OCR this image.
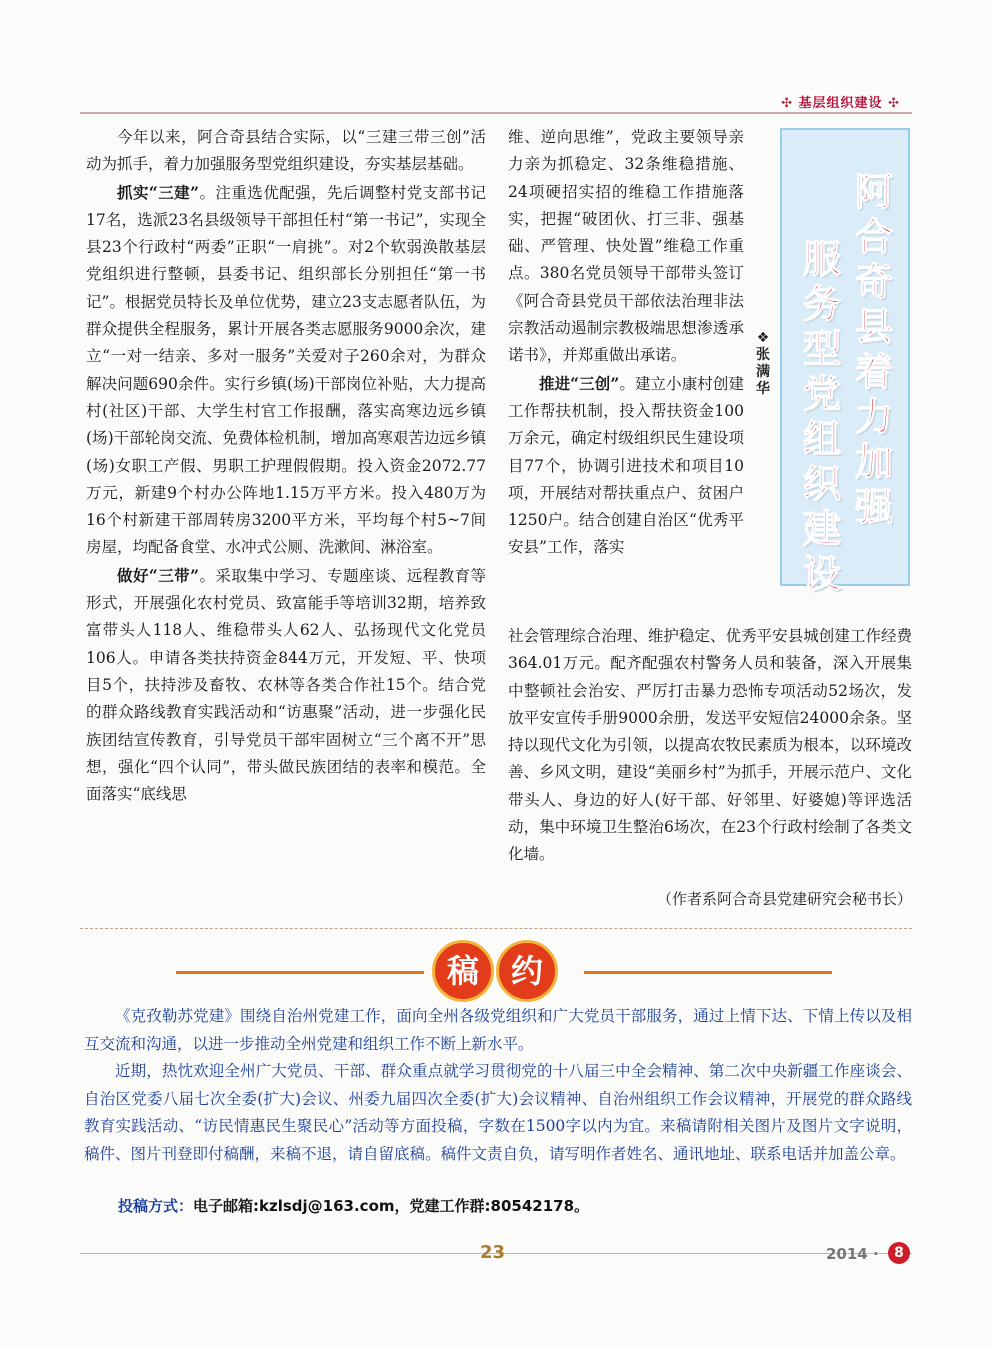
✣ 基层组织建设 ✣

今年以来，阿合奇县结合实际，以“三建三带三创”活动为抓手，着力加强服务型党组织建设，夯实基层基础。

抓实“三建”。注重选优配强，先后调整村党支部书记17名，选派23名县级领导干部担任村“第一书记”，实现全县23个行政村“两委”正职“一肩挑”。对2个软弱涣散基层党组织进行整顿，县委书记、组织部长分别担任“第一书记”。根据党员特长及单位优势，建立23支志愿者队伍，为群众提供全程服务，累计开展各类志愿服务9000余次，建立“一对一结亲、多对一服务”关爱对子260余对，为群众解决问题690余件。实行乡镇(场)干部岗位补贴，大力提高村(社区)干部、大学生村官工作报酬，落实高寒边远乡镇(场)干部轮岗交流、免费体检机制，增加高寒艰苦边远乡镇(场)女职工产假、男职工护理假假期。投入资金2072.77万元，新建9个村办公阵地1.15万平方米。投入480万为16个村新建干部周转房3200平方米，平均每个村5~7间房屋，均配备食堂、水冲式公厕、洗漱间、淋浴室。

做好“三带”。采取集中学习、专题座谈、远程教育等形式，开展强化农村党员、致富能手等培训32期，培养致富带头人118人、维稳带头人62人、弘扬现代文化党员106人。申请各类扶持资金844万元，开发短、平、快项目5个，扶持涉及畜牧、农林等各类合作社15个。结合党的群众路线教育实践活动和“访惠聚”活动，进一步强化民族团结宣传教育，引导党员干部牢固树立“三个离不开”思想，强化“四个认同”，带头做民族团结的表率和模范。全面落实“底线思

维、逆向思维”，党政主要领导亲力亲为抓稳定、32条维稳措施、24项硬招实招的维稳工作措施落实，把握“破团伙、打三非、强基础、严管理、快处置”维稳工作重点。380名党员领导干部带头签订《阿合奇县党员干部依法治理非法宗教活动遏制宗教极端思想渗透承诺书》，并郑重做出承诺。

推进“三创”。建立小康村创建工作帮扶机制，投入帮扶资金100万余元，确定村级组织民生建设项目77个，协调引进技术和项目10项，开展结对帮扶重点户、贫困户1250户。结合创建自治区“优秀平安县”工作，落实

❖
张满华
阿合奇县着力加强
服务型党组织建设

社会管理综合治理、维护稳定、优秀平安县城创建工作经费364.01万元。配齐配强农村警务人员和装备，深入开展集中整顿社会治安、严厉打击暴力恐怖专项活动52场次，发放平安宣传手册9000余册，发送平安短信24000余条。坚持以现代文化为引领，以提高农牧民素质为根本，以环境改善、乡风文明，建设“美丽乡村”为抓手，开展示范户、文化带头人、身边的好人(好干部、好邻里、好婆媳)等评选活动，集中环境卫生整治6场次，在23个行政村绘制了各类文化墙。

（作者系阿合奇县党建研究会秘书长）
稿 约

《克孜勒苏党建》围绕自治州党建工作，面向全州各级党组织和广大党员干部服务，通过上情下达、下情上传以及相互交流和沟通，以进一步推动全州党建和组织工作不断上新水平。

近期，热忱欢迎全州广大党员、干部、群众重点就学习贯彻党的十八届三中全会精神、第二次中央新疆工作座谈会、自治区党委八届七次全委(扩大)会议、州委九届四次全委(扩大)会议精神、自治州组织工作会议精神，开展党的群众路线教育实践活动、“访民情惠民生聚民心”活动等方面投稿，字数在1500字以内为宜。来稿请附相关图片及图片文字说明，稿件、图片刊登即付稿酬，来稿不退，请自留底稿。稿件文责自负，请写明作者姓名、通讯地址、联系电话并加盖公章。

投稿方式：电子邮箱:kzlsdj@163.com，党建工作群:80542178。
23	2014 ·	8
